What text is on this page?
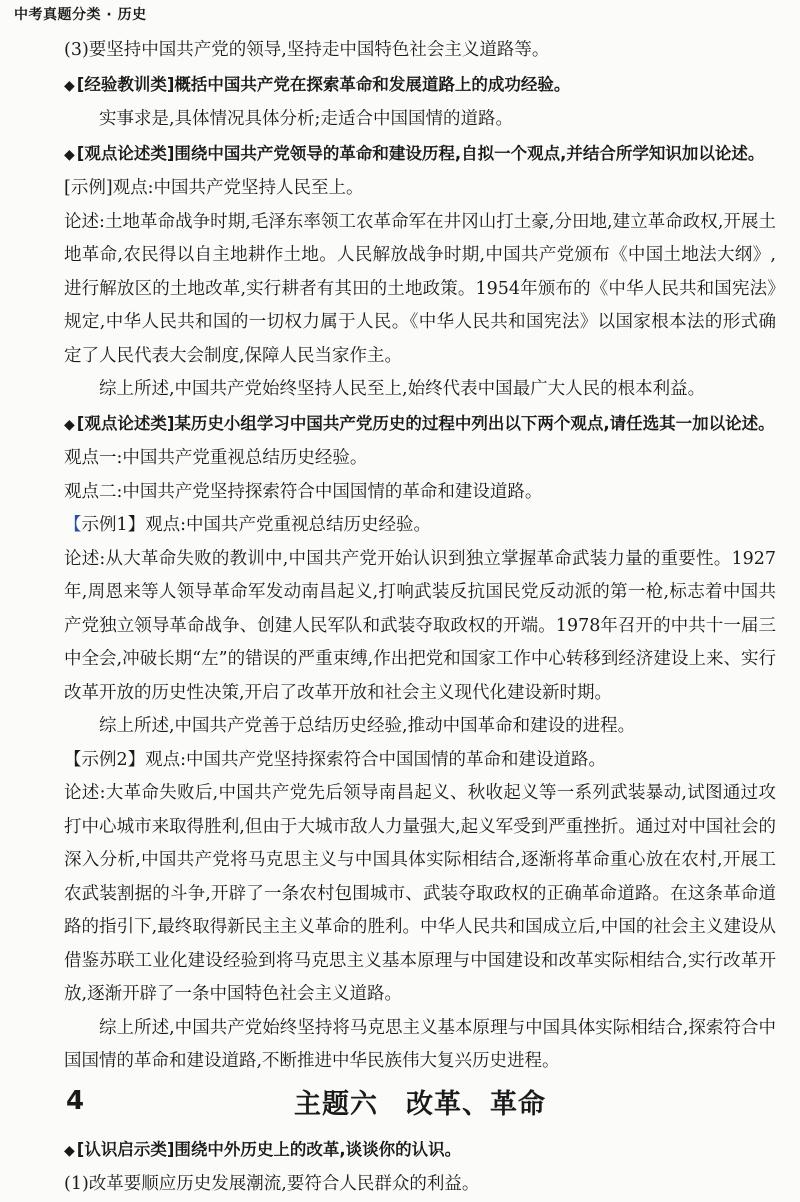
中考真题分类 · 历史

(3)要坚持中国共产党的领导,坚持走中国特色社会主义道路等。

◆ [经验教训类]概括中国共产党在探索革命和发展道路上的成功经验。

实事求是,具体情况具体分析;走适合中国国情的道路。

◆ [观点论述类]围绕中国共产党领导的革命和建设历程,自拟一个观点,并结合所学知识加以论述。

[示例]观点:中国共产党坚持人民至上。

论述:土地革命战争时期,毛泽东率领工农革命军在井冈山打土豪,分田地,建立革命政权,开展土地革命,农民得以自主地耕作土地。人民解放战争时期,中国共产党颁布《中国土地法大纲》,进行解放区的土地改革,实行耕者有其田的土地政策。1954年颁布的《中华人民共和国宪法》规定,中华人民共和国的一切权力属于人民。《中华人民共和国宪法》以国家根本法的形式确定了人民代表大会制度,保障人民当家作主。

综上所述,中国共产党始终坚持人民至上,始终代表中国最广大人民的根本利益。

◆ [观点论述类]某历史小组学习中国共产党历史的过程中列出以下两个观点,请任选其一加以论述。

观点一:中国共产党重视总结历史经验。

观点二:中国共产党坚持探索符合中国国情的革命和建设道路。

【示例1】观点:中国共产党重视总结历史经验。

论述:从大革命失败的教训中,中国共产党开始认识到独立掌握革命武装力量的重要性。1927年,周恩来等人领导革命军发动南昌起义,打响武装反抗国民党反动派的第一枪,标志着中国共产党独立领导革命战争、创建人民军队和武装夺取政权的开端。1978年召开的中共十一届三中全会,冲破长期“左”的错误的严重束缚,作出把党和国家工作中心转移到经济建设上来、实行改革开放的历史性决策,开启了改革开放和社会主义现代化建设新时期。

综上所述,中国共产党善于总结历史经验,推动中国革命和建设的进程。

【示例2】观点:中国共产党坚持探索符合中国国情的革命和建设道路。

论述:大革命失败后,中国共产党先后领导南昌起义、秋收起义等一系列武装暴动,试图通过攻打中心城市来取得胜利,但由于大城市敌人力量强大,起义军受到严重挫折。通过对中国社会的深入分析,中国共产党将马克思主义与中国具体实际相结合,逐渐将革命重心放在农村,开展工农武装割据的斗争,开辟了一条农村包围城市、武装夺取政权的正确革命道路。在这条革命道路的指引下,最终取得新民主主义革命的胜利。中华人民共和国成立后,中国的社会主义建设从借鉴苏联工业化建设经验到将马克思主义基本原理与中国建设和改革实际相结合,实行改革开放,逐渐开辟了一条中国特色社会主义道路。

综上所述,中国共产党始终坚持将马克思主义基本原理与中国具体实际相结合,探索符合中国国情的革命和建设道路,不断推进中华民族伟大复兴历史进程。

主题六　改革、革命

◆ [认识启示类]围绕中外历史上的改革,谈谈你的认识。

(1)改革要顺应历史发展潮流,要符合人民群众的利益。

4
